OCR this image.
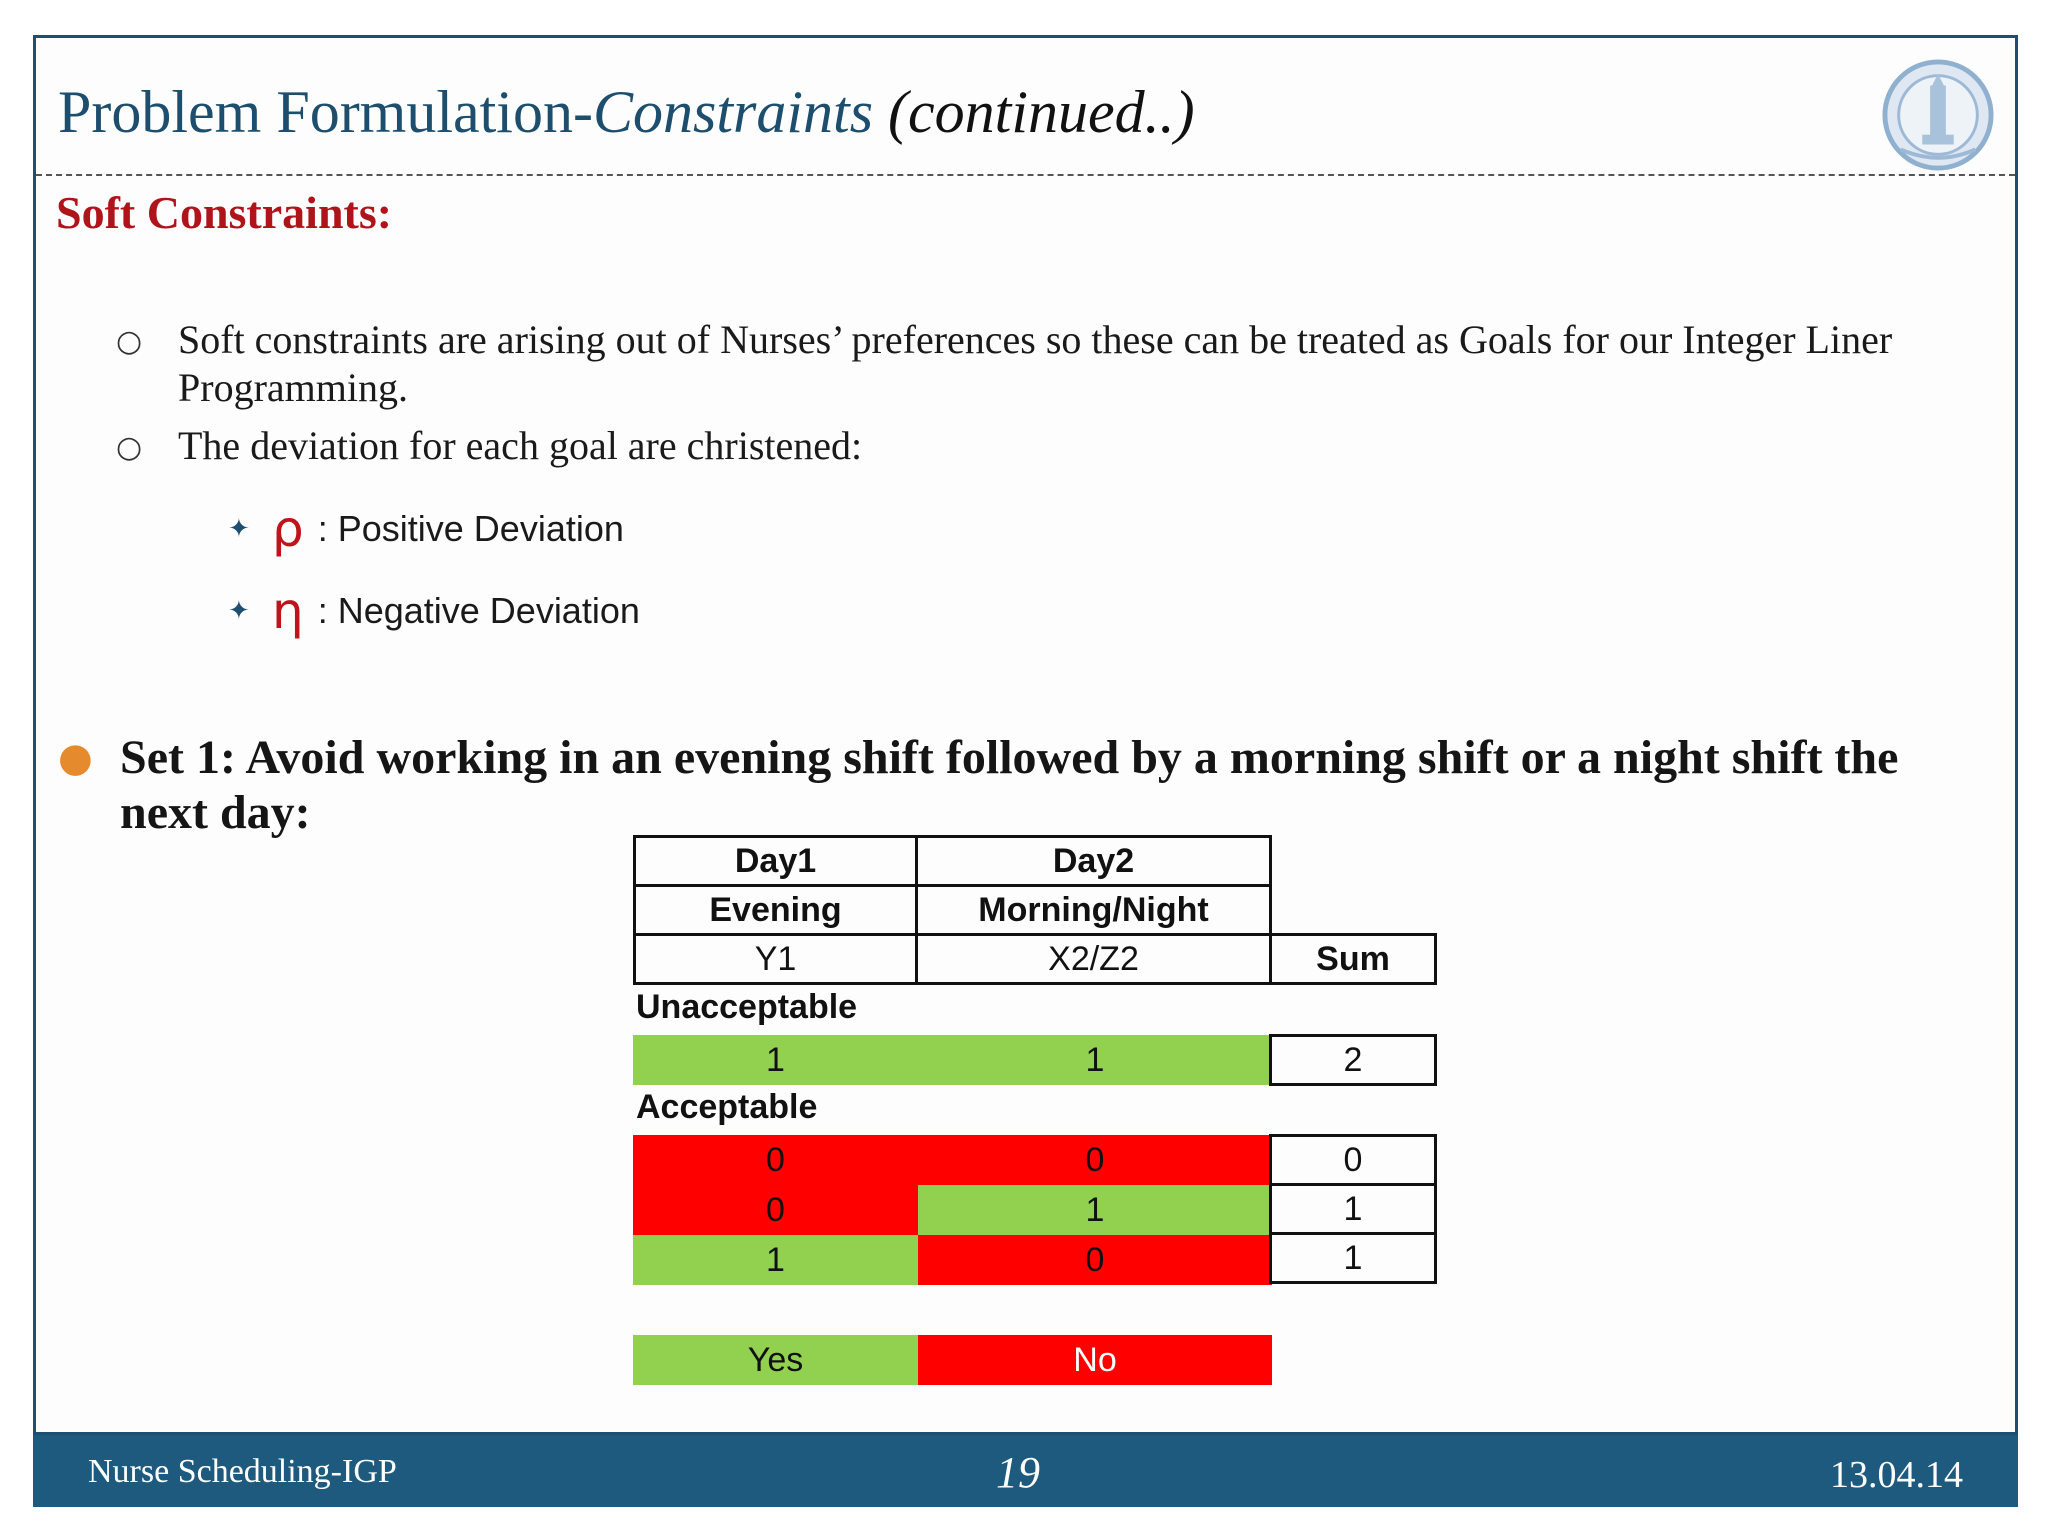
Problem Formulation-Constraints (continued..)
Soft Constraints:
○ Soft constraints are arising out of Nurses’ preferences so these can be treated as Goals for our Integer Liner Programming.
○ The deviation for each goal are christened:
✦ ρ : Positive Deviation
✦ η : Negative Deviation
● Set 1: Avoid working in an evening shift followed by a morning shift or a night shift the next day:
Day1	Day2
Evening	Morning/Night
Y1	X2/Z2	Sum
Unacceptable
1	1	2
Acceptable
0	0	0
0	1	1
1	0	1
Yes	No
Nurse Scheduling-IGP	19	13.04.14
